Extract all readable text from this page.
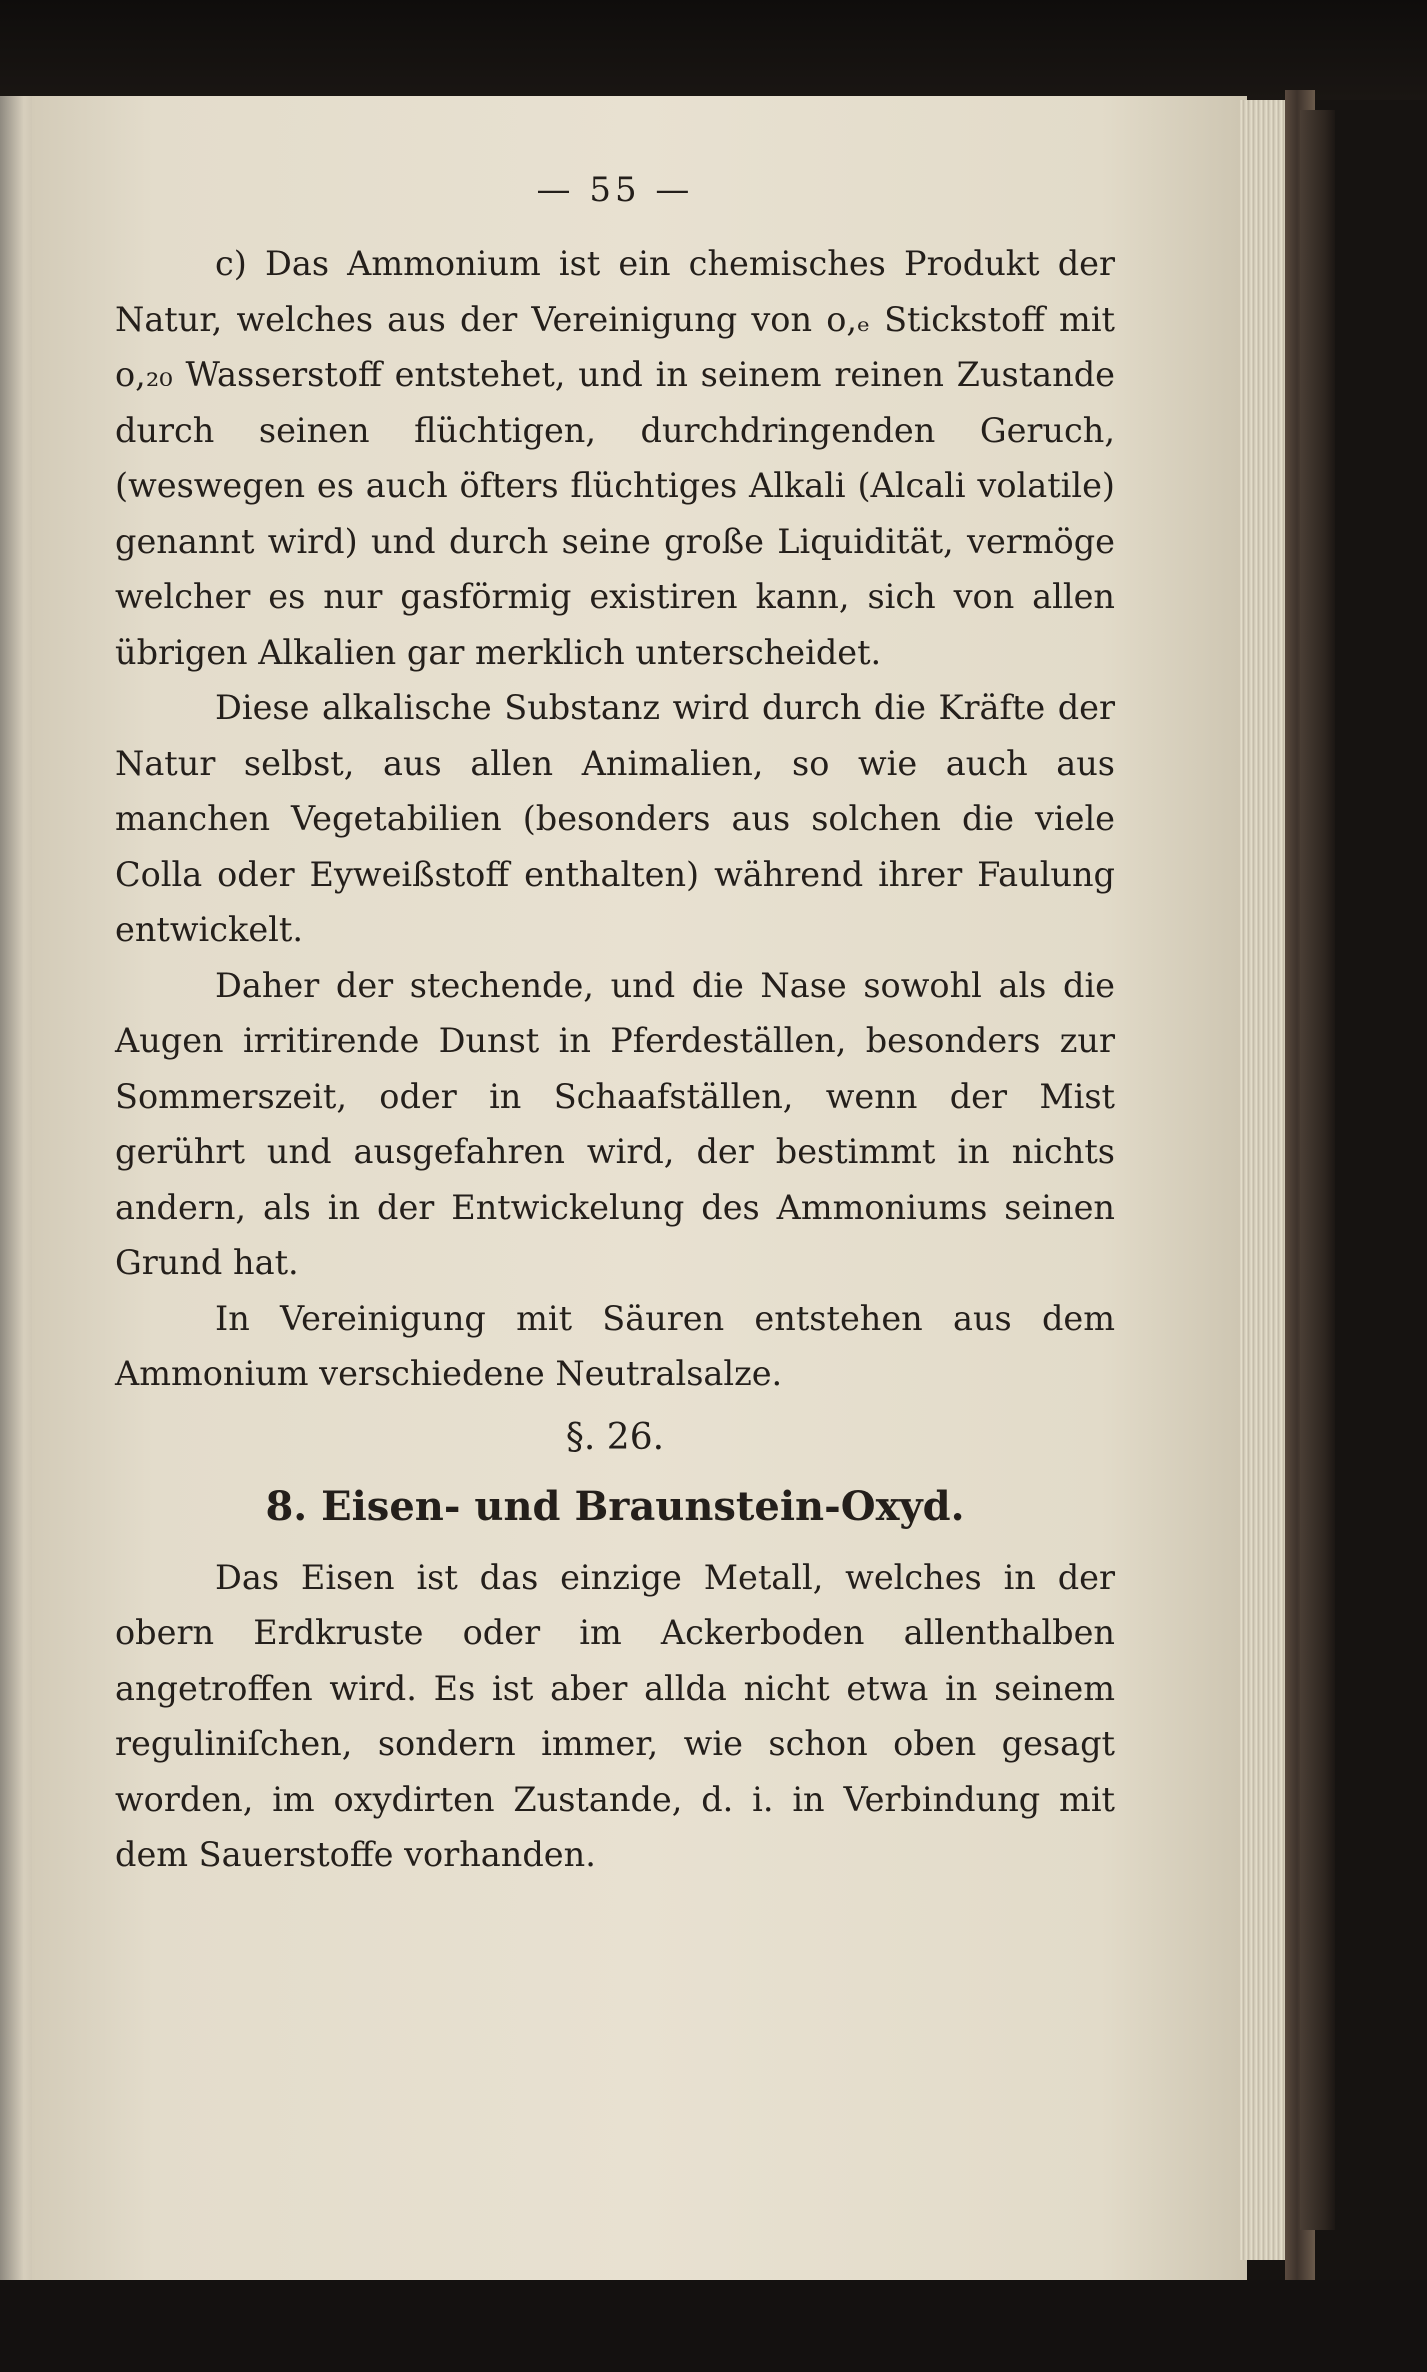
— 55 —

c) Das Ammonium ist ein chemisches Produkt der Natur, welches aus der Vereinigung von o,ₑ Stickstoff mit o,₂₀ Wasserstoff entstehet, und in seinem reinen Zustande durch seinen flüchtigen, durchdringenden Geruch, (weswegen es auch öfters flüchtiges Alkali (Alcali volatile) genannt wird) und durch seine große Liquidität, vermöge welcher es nur gasförmig existiren kann, sich von allen übrigen Alkalien gar merklich unterscheidet.

Diese alkalische Substanz wird durch die Kräfte der Natur selbst, aus allen Animalien, so wie auch aus manchen Vegetabilien (besonders aus solchen die viele Colla oder Eyweißstoff enthalten) während ihrer Faulung entwickelt.

Daher der stechende, und die Nase sowohl als die Augen irritirende Dunst in Pferdeställen, besonders zur Sommerszeit, oder in Schaafställen, wenn der Mist gerührt und ausgefahren wird, der bestimmt in nichts andern, als in der Entwickelung des Ammoniums seinen Grund hat.

In Vereinigung mit Säuren entstehen aus dem Ammonium verschiedene Neutralsalze.

§. 26.
8. Eisen- und Braunstein-Oxyd.

Das Eisen ist das einzige Metall, welches in der obern Erdkruste oder im Ackerboden allenthalben angetroffen wird. Es ist aber allda nicht etwa in seinem reguliniſchen, sondern immer, wie schon oben gesagt worden, im oxydirten Zustande, d. i. in Verbindung mit dem Sauerstoffe vorhanden.
